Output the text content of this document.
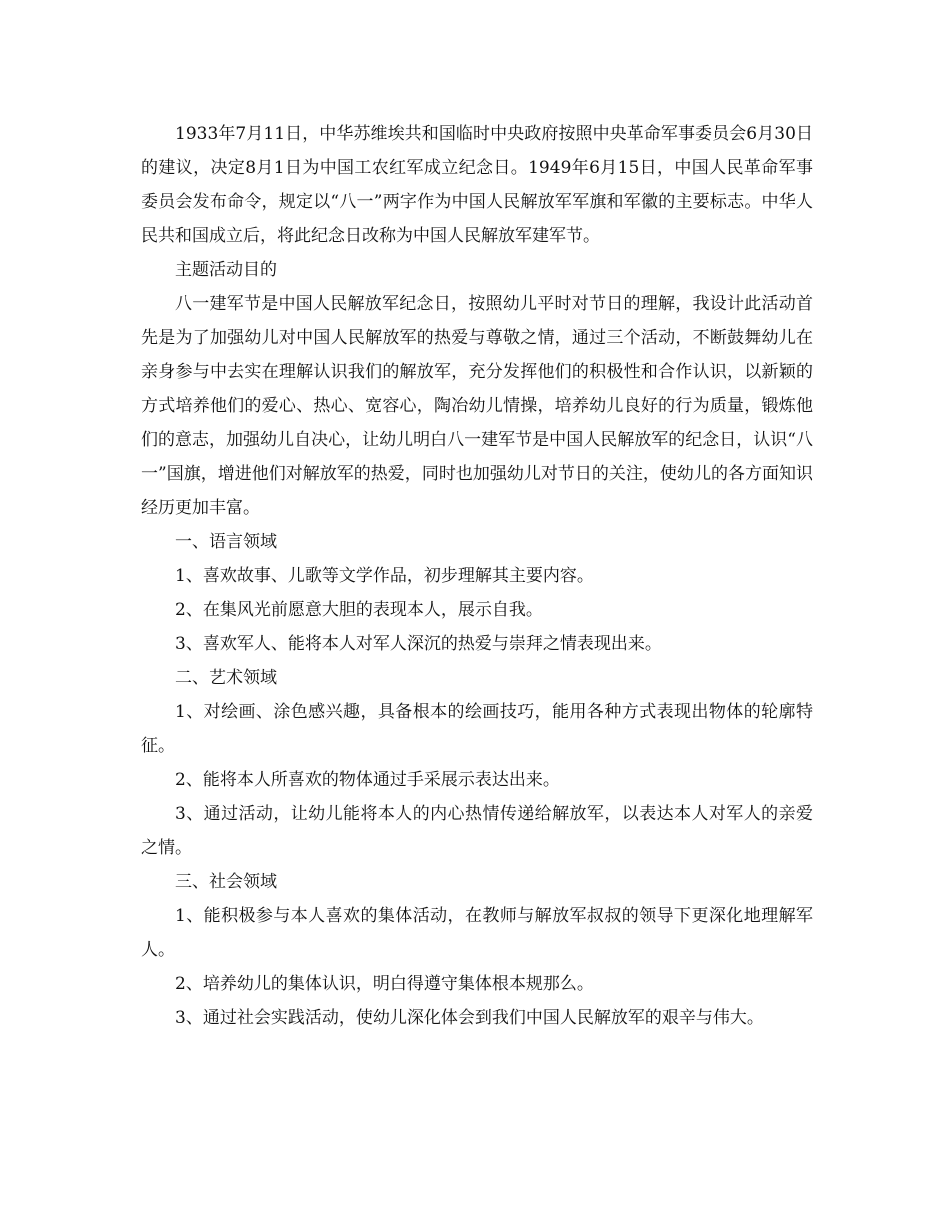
1933年7月11日，中华苏维埃共和国临时中央政府按照中央革命军事委员会6月30日的建议，决定8月1日为中国工农红军成立纪念日。1949年6月15日，中国人民革命军事委员会发布命令，规定以“八一”两字作为中国人民解放军军旗和军徽的主要标志。中华人民共和国成立后，将此纪念日改称为中国人民解放军建军节。

主题活动目的

八一建军节是中国人民解放军纪念日，按照幼儿平时对节日的理解，我设计此活动首先是为了加强幼儿对中国人民解放军的热爱与尊敬之情，通过三个活动，不断鼓舞幼儿在亲身参与中去实在理解认识我们的解放军，充分发挥他们的积极性和合作认识，以新颖的方式培养他们的爱心、热心、宽容心，陶冶幼儿情操，培养幼儿良好的行为质量，锻炼他们的意志，加强幼儿自决心，让幼儿明白八一建军节是中国人民解放军的纪念日，认识“八一”国旗，增进他们对解放军的热爱，同时也加强幼儿对节日的关注，使幼儿的各方面知识经历更加丰富。

一、语言领域

1、喜欢故事、儿歌等文学作品，初步理解其主要内容。

2、在集风光前愿意大胆的表现本人，展示自我。

3、喜欢军人、能将本人对军人深沉的热爱与崇拜之情表现出来。

二、艺术领域

1、对绘画、涂色感兴趣，具备根本的绘画技巧，能用各种方式表现出物体的轮廓特征。

2、能将本人所喜欢的物体通过手采展示表达出来。

3、通过活动，让幼儿能将本人的内心热情传递给解放军，以表达本人对军人的亲爱之情。

三、社会领域

1、能积极参与本人喜欢的集体活动，在教师与解放军叔叔的领导下更深化地理解军人。

2、培养幼儿的集体认识，明白得遵守集体根本规那么。

3、通过社会实践活动，使幼儿深化体会到我们中国人民解放军的艰辛与伟大。
